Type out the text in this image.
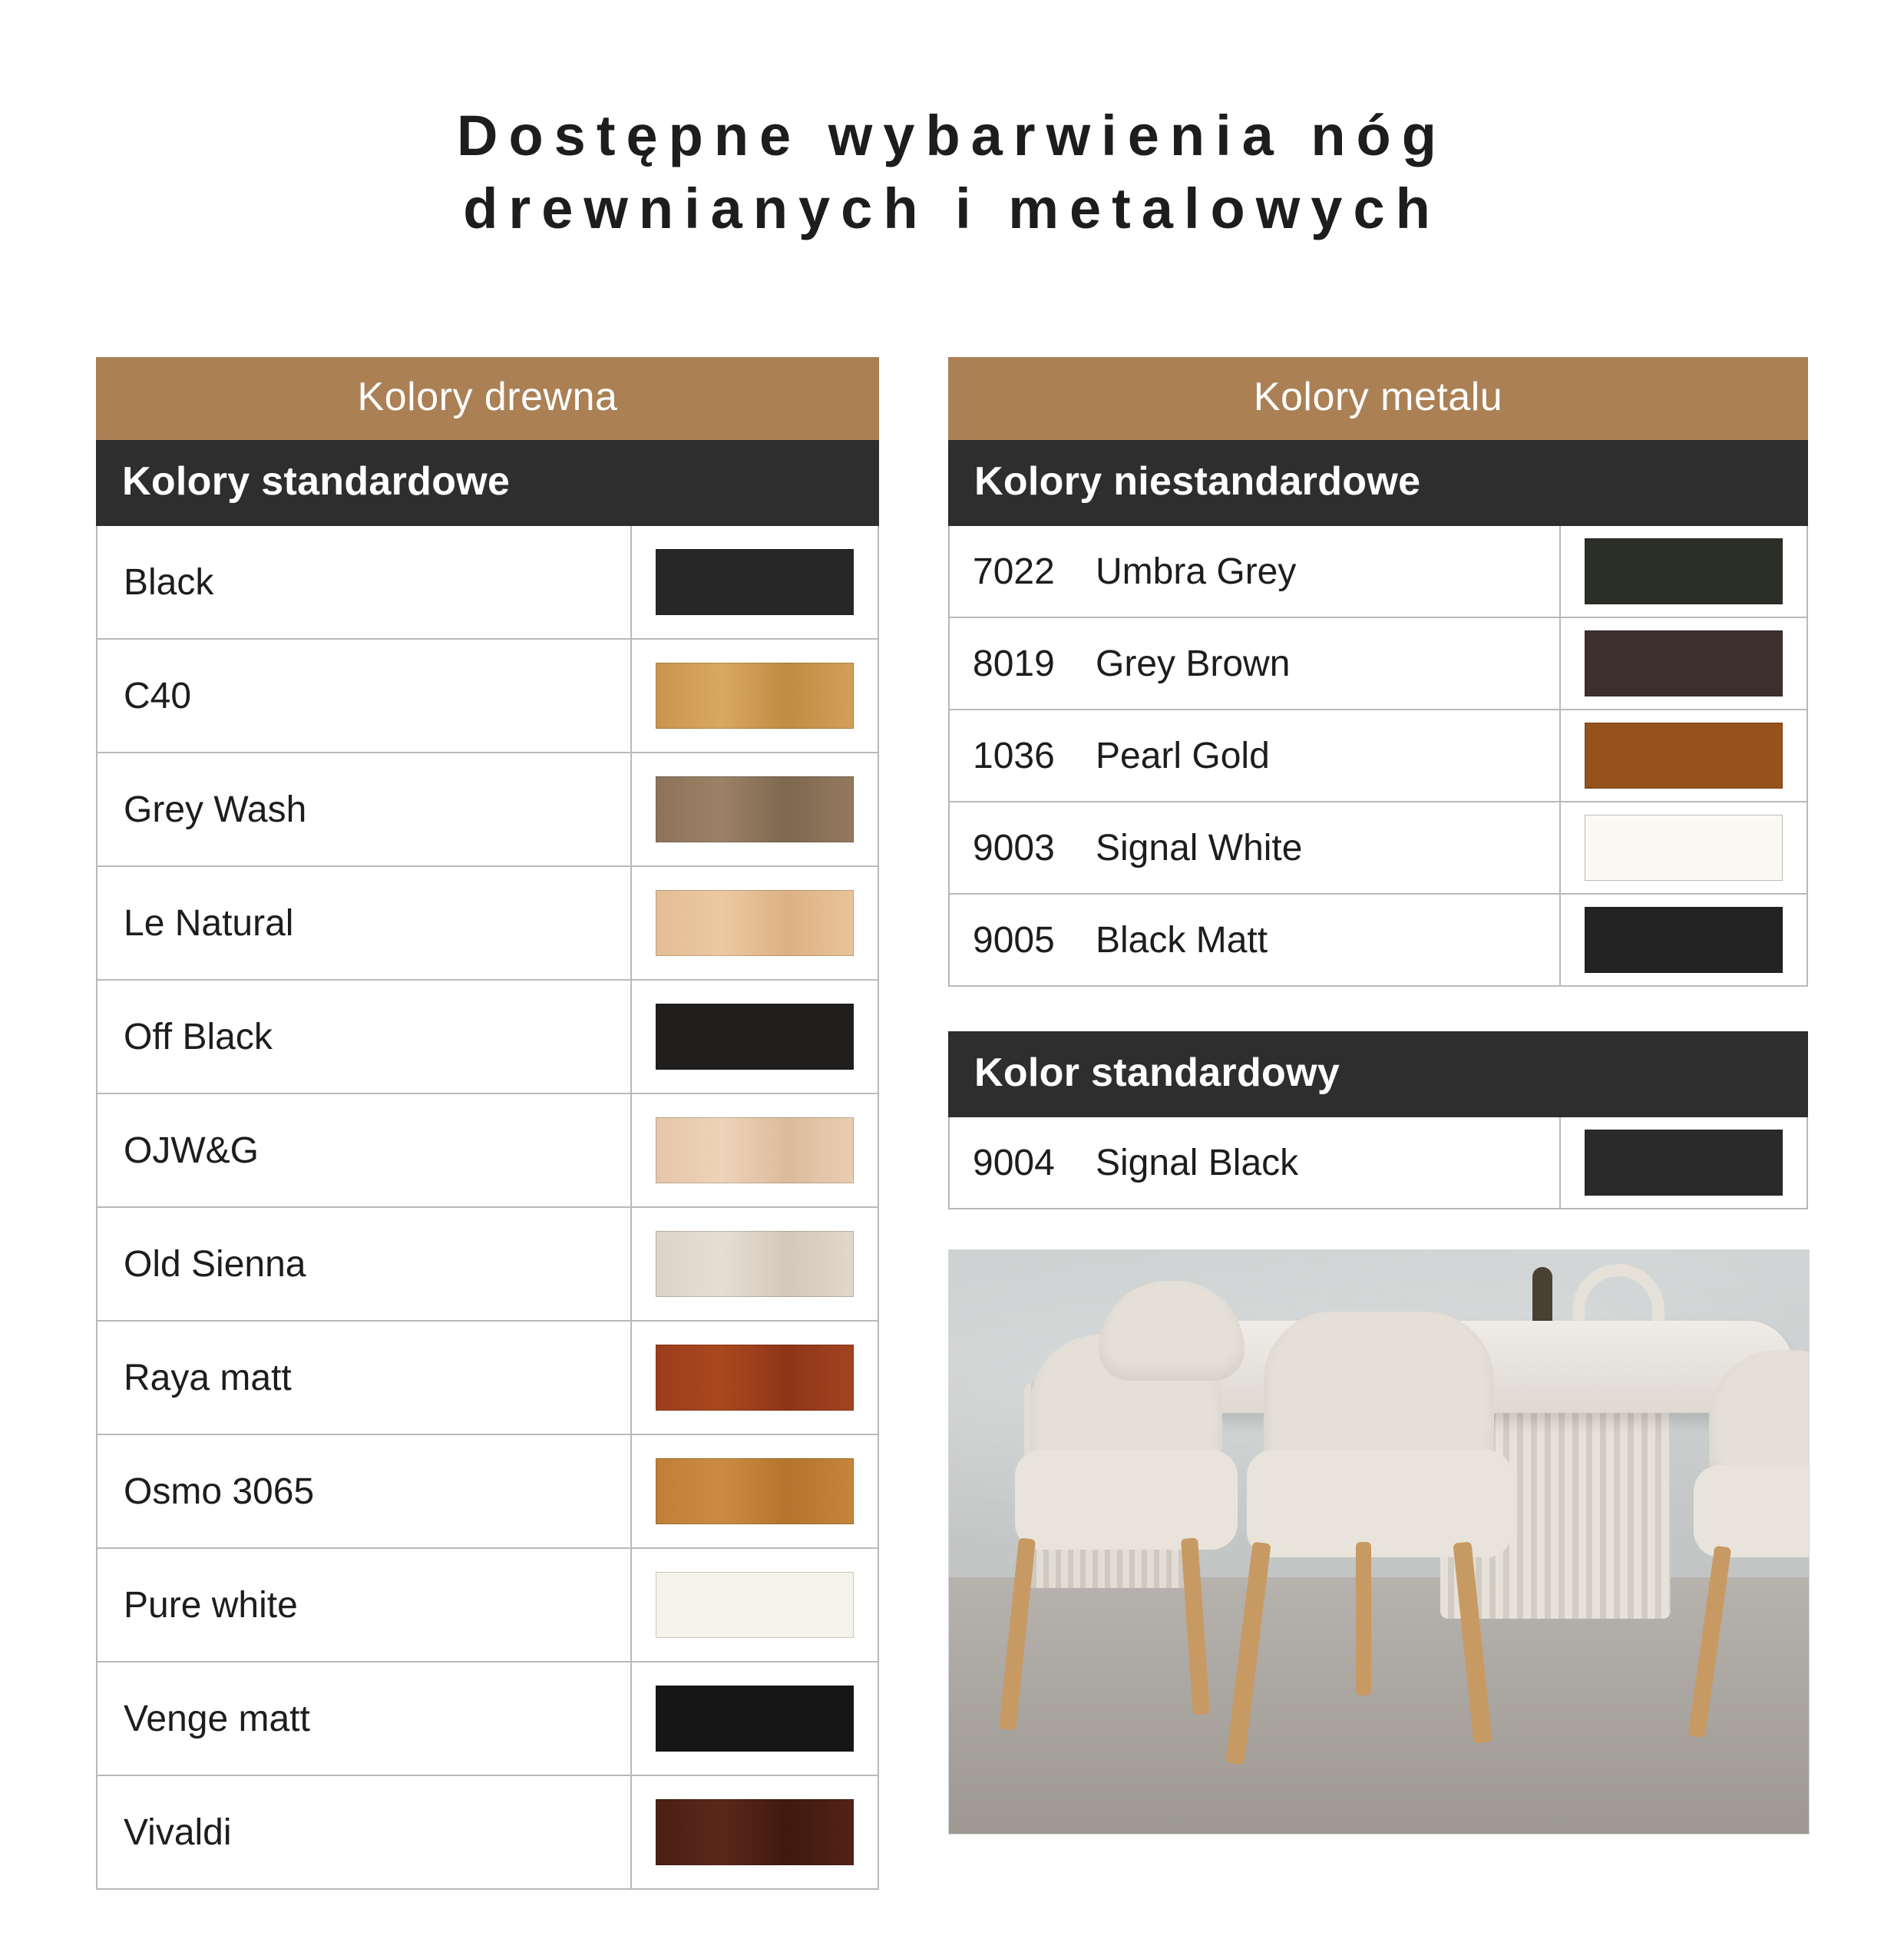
Dostępne wybarwienia nóg
drewnianych i metalowych
Kolory drewna
Kolory standardowe
Black
C40
Grey Wash
Le Natural
Off Black
OJW&G
Old Sienna
Raya matt
Osmo 3065
Pure white
Venge matt
Vivaldi
Kolory metalu
Kolory niestandardowe
7022	Umbra Grey
8019	Grey Brown
1036	Pearl Gold
9003	Signal White
9005	Black Matt
Kolor standardowy
9004	Signal Black
